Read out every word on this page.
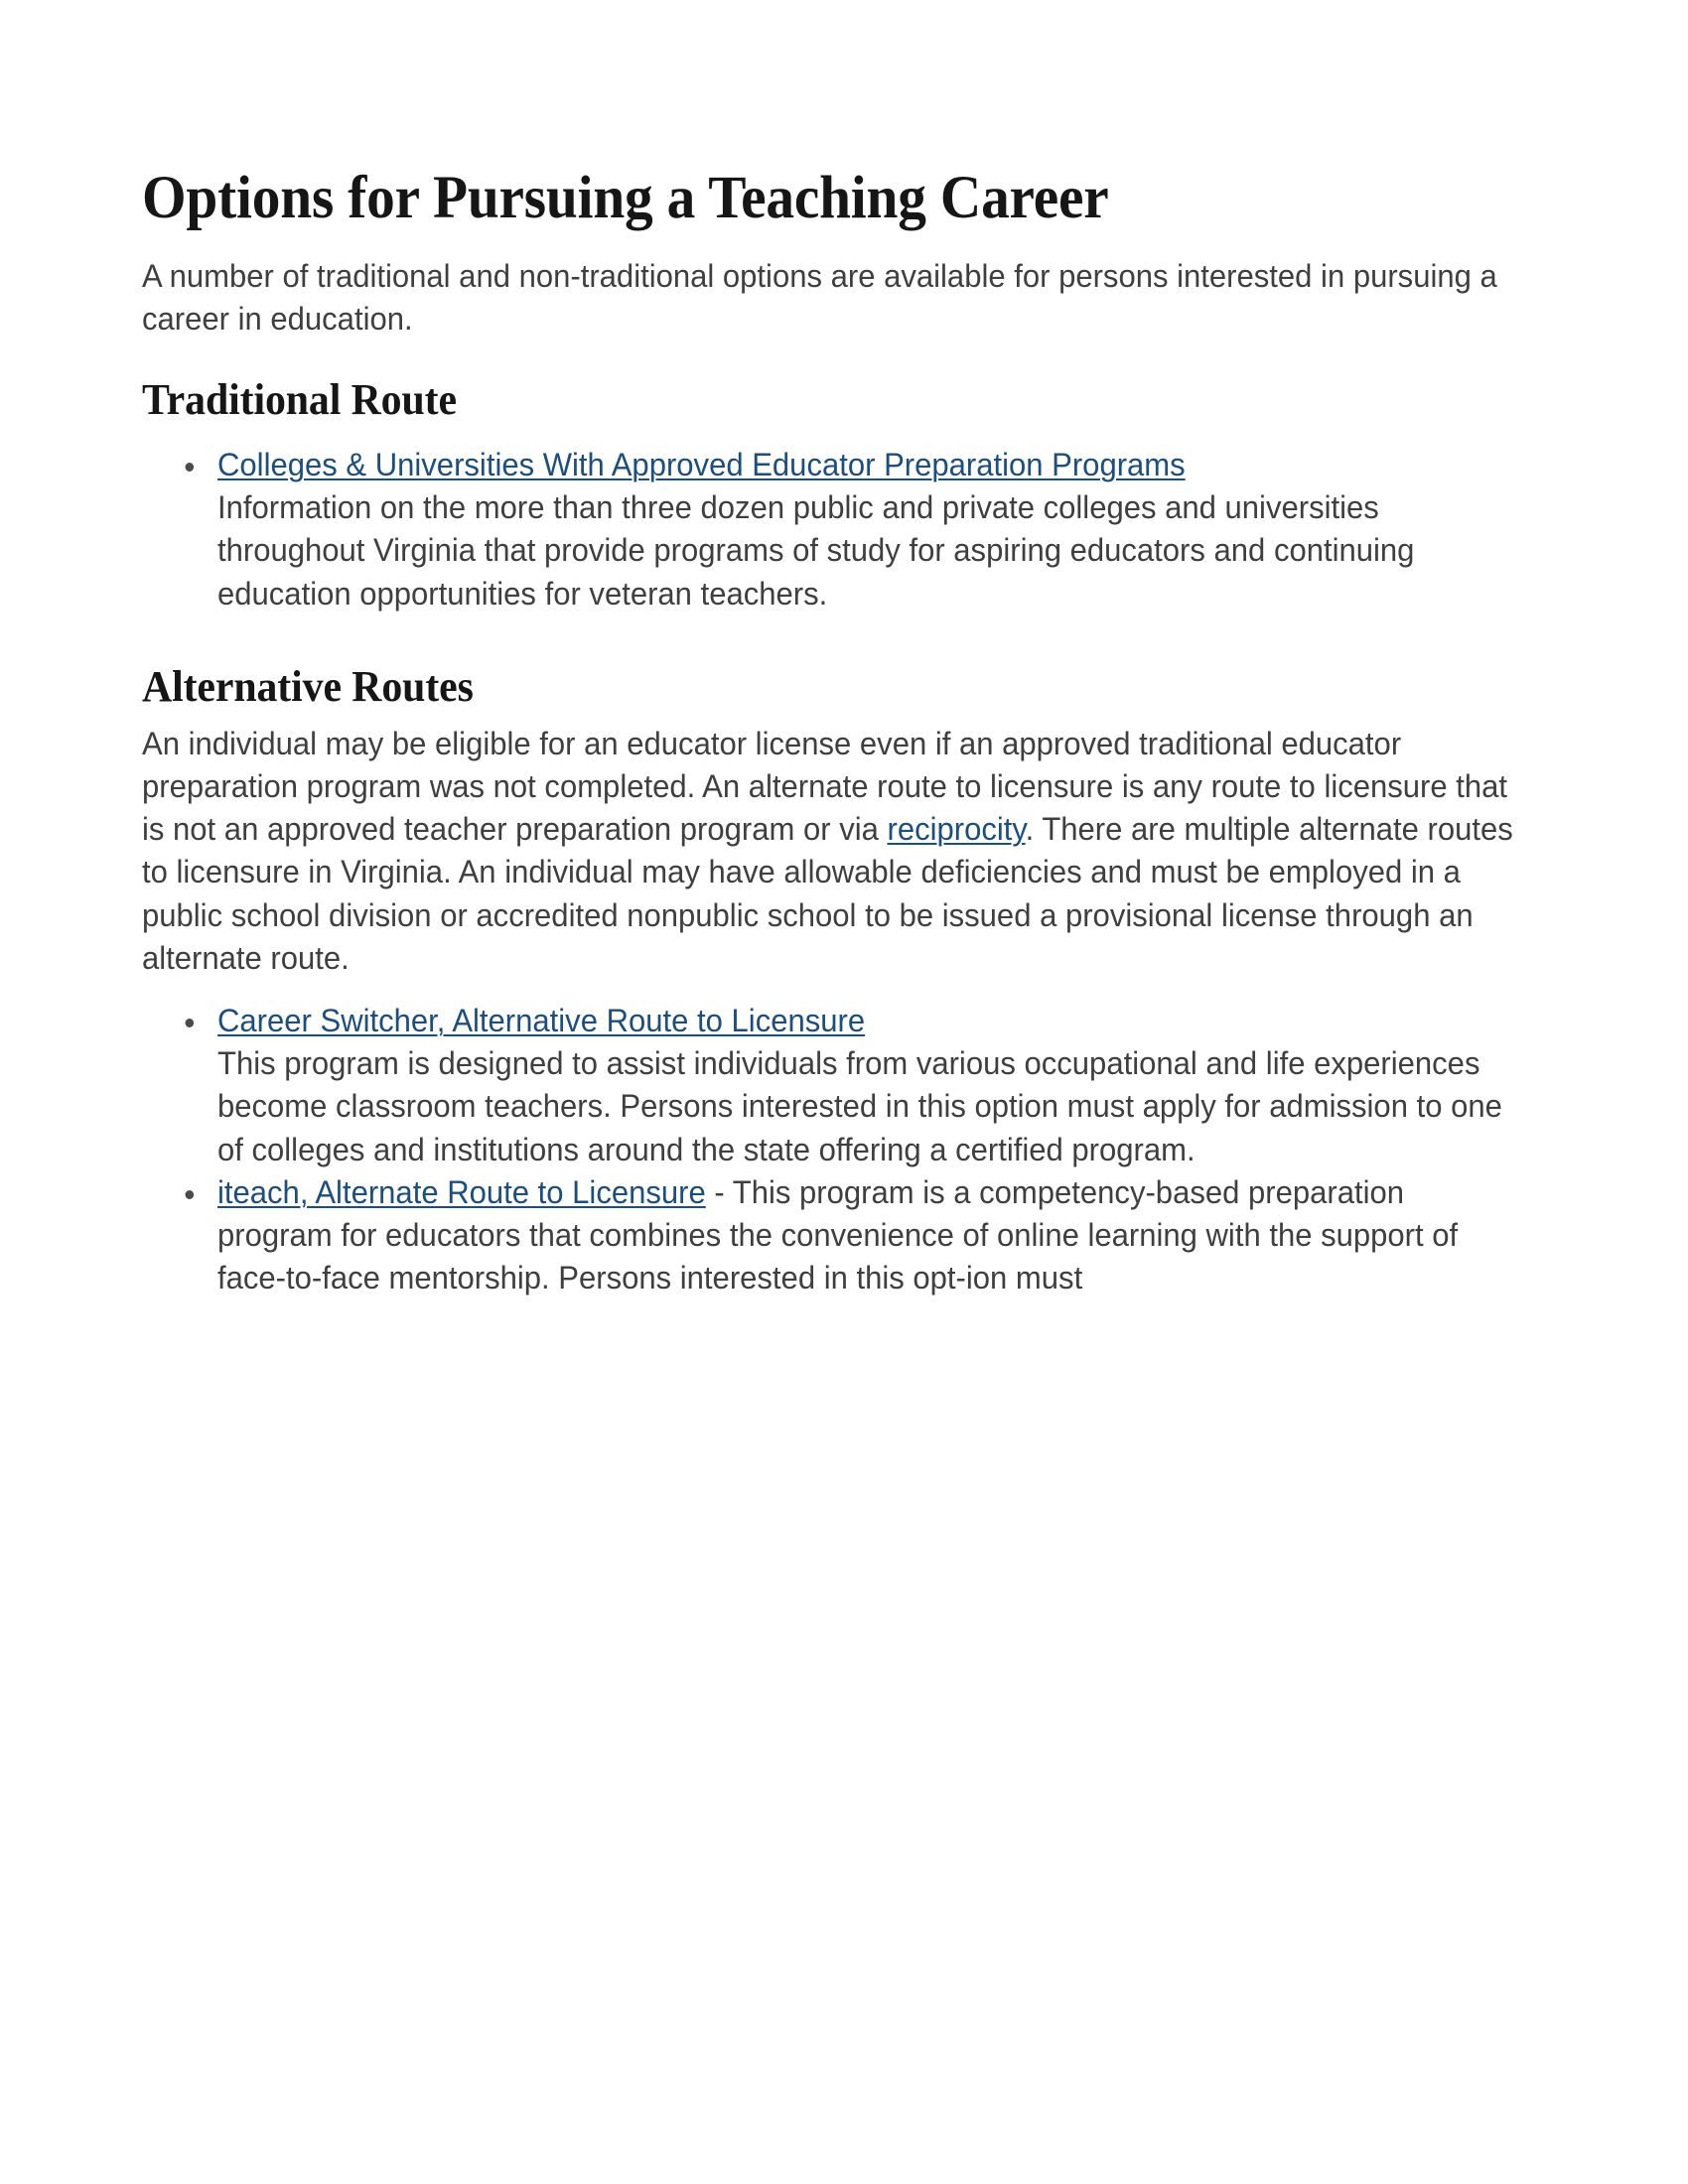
Options for Pursuing a Teaching Career

A number of traditional and non-traditional options are available for persons interested in pursuing a career in education.

Traditional Route
Colleges & Universities With Approved Educator Preparation Programs
Information on the more than three dozen public and private colleges and universities throughout Virginia that provide programs of study for aspiring educators and continuing education opportunities for veteran teachers.
Alternative Routes

An individual may be eligible for an educator license even if an approved traditional educator preparation program was not completed. An alternate route to licensure is any route to licensure that is not an approved teacher preparation program or via reciprocity. There are multiple alternate routes to licensure in Virginia. An individual may have allowable deficiencies and must be employed in a public school division or accredited nonpublic school to be issued a provisional license through an alternate route.

Career Switcher, Alternative Route to Licensure
This program is designed to assist individuals from various occupational and life experiences become classroom teachers. Persons interested in this option must apply for admission to one of colleges and institutions around the state offering a certified program.
iteach, Alternate Route to Licensure - This program is a competency-based preparation program for educators that combines the convenience of online learning with the support of face-to-face mentorship. Persons interested in this opt-ion must
